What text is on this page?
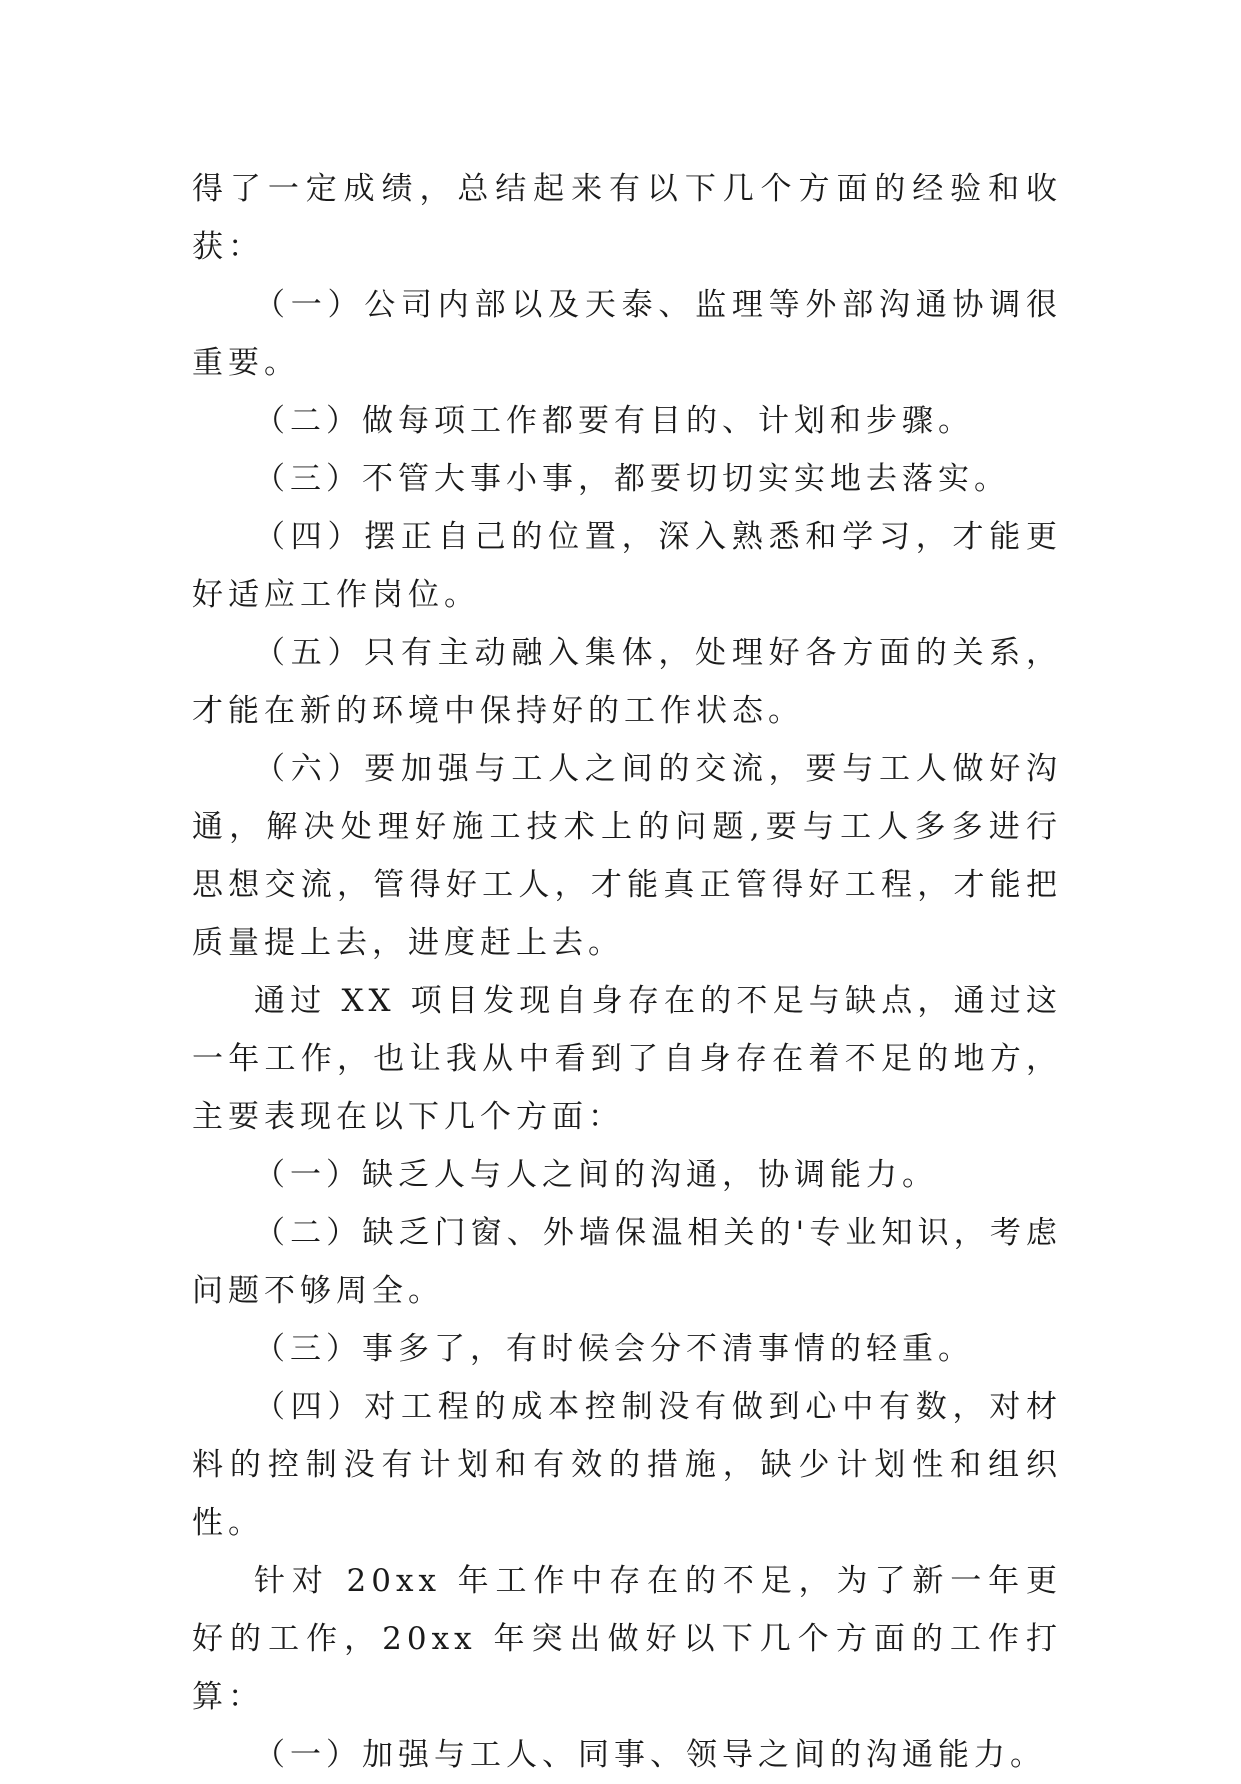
得了一定成绩，总结起来有以下几个方面的经验和收获：

（一）公司内部以及天泰、监理等外部沟通协调很重要。

（二）做每项工作都要有目的、计划和步骤。

（三）不管大事小事，都要切切实实地去落实。

（四）摆正自己的位置，深入熟悉和学习，才能更好适应工作岗位。

（五）只有主动融入集体，处理好各方面的关系，才能在新的环境中保持好的工作状态。

（六）要加强与工人之间的交流，要与工人做好沟通，解决处理好施工技术上的问题,要与工人多多进行思想交流，管得好工人，才能真正管得好工程，才能把质量提上去，进度赶上去。

通过 XX 项目发现自身存在的不足与缺点，通过这一年工作，也让我从中看到了自身存在着不足的地方，主要表现在以下几个方面：

（一）缺乏人与人之间的沟通，协调能力。

（二）缺乏门窗、外墙保温相关的'专业知识，考虑问题不够周全。

（三）事多了，有时候会分不清事情的轻重。

（四）对工程的成本控制没有做到心中有数，对材料的控制没有计划和有效的措施，缺少计划性和组织性。

针对 20xx 年工作中存在的不足，为了新一年更好的工作，20xx 年突出做好以下几个方面的工作打算：

（一）加强与工人、同事、领导之间的沟通能力。
